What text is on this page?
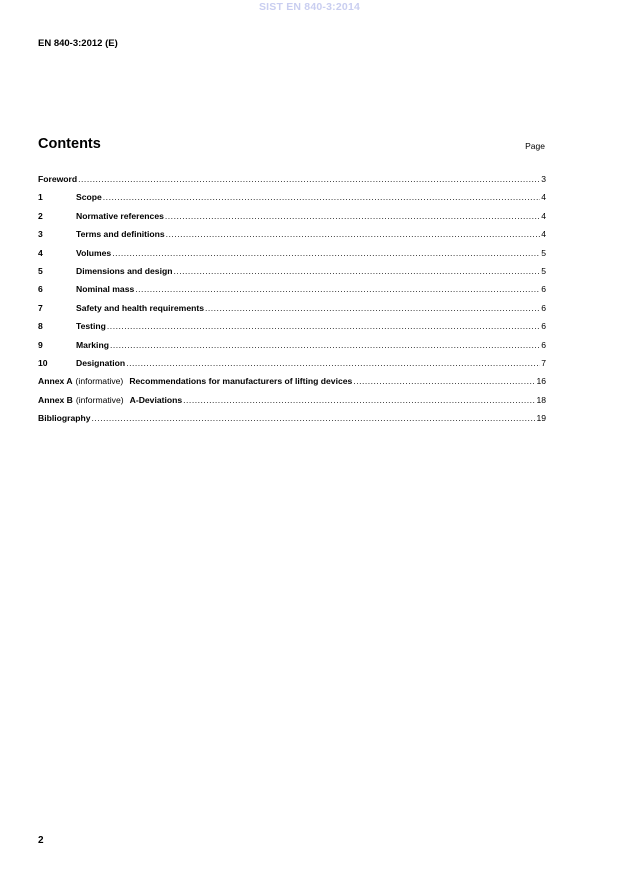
SIST EN 840-3:2014
EN 840-3:2012 (E)
Contents	Page
Foreword .....	3
1	Scope .....	4
2	Normative references .....	4
3	Terms and definitions .....	4
4	Volumes .....	5
5	Dimensions and design .....	5
6	Nominal mass .....	6
7	Safety and health requirements .....	6
8	Testing .....	6
9	Marking .....	6
10	Designation .....	7
Annex A (informative) Recommendations for manufacturers of lifting devices .....	16
Annex B (informative) A-Deviations .....	18
Bibliography .....	19
2
